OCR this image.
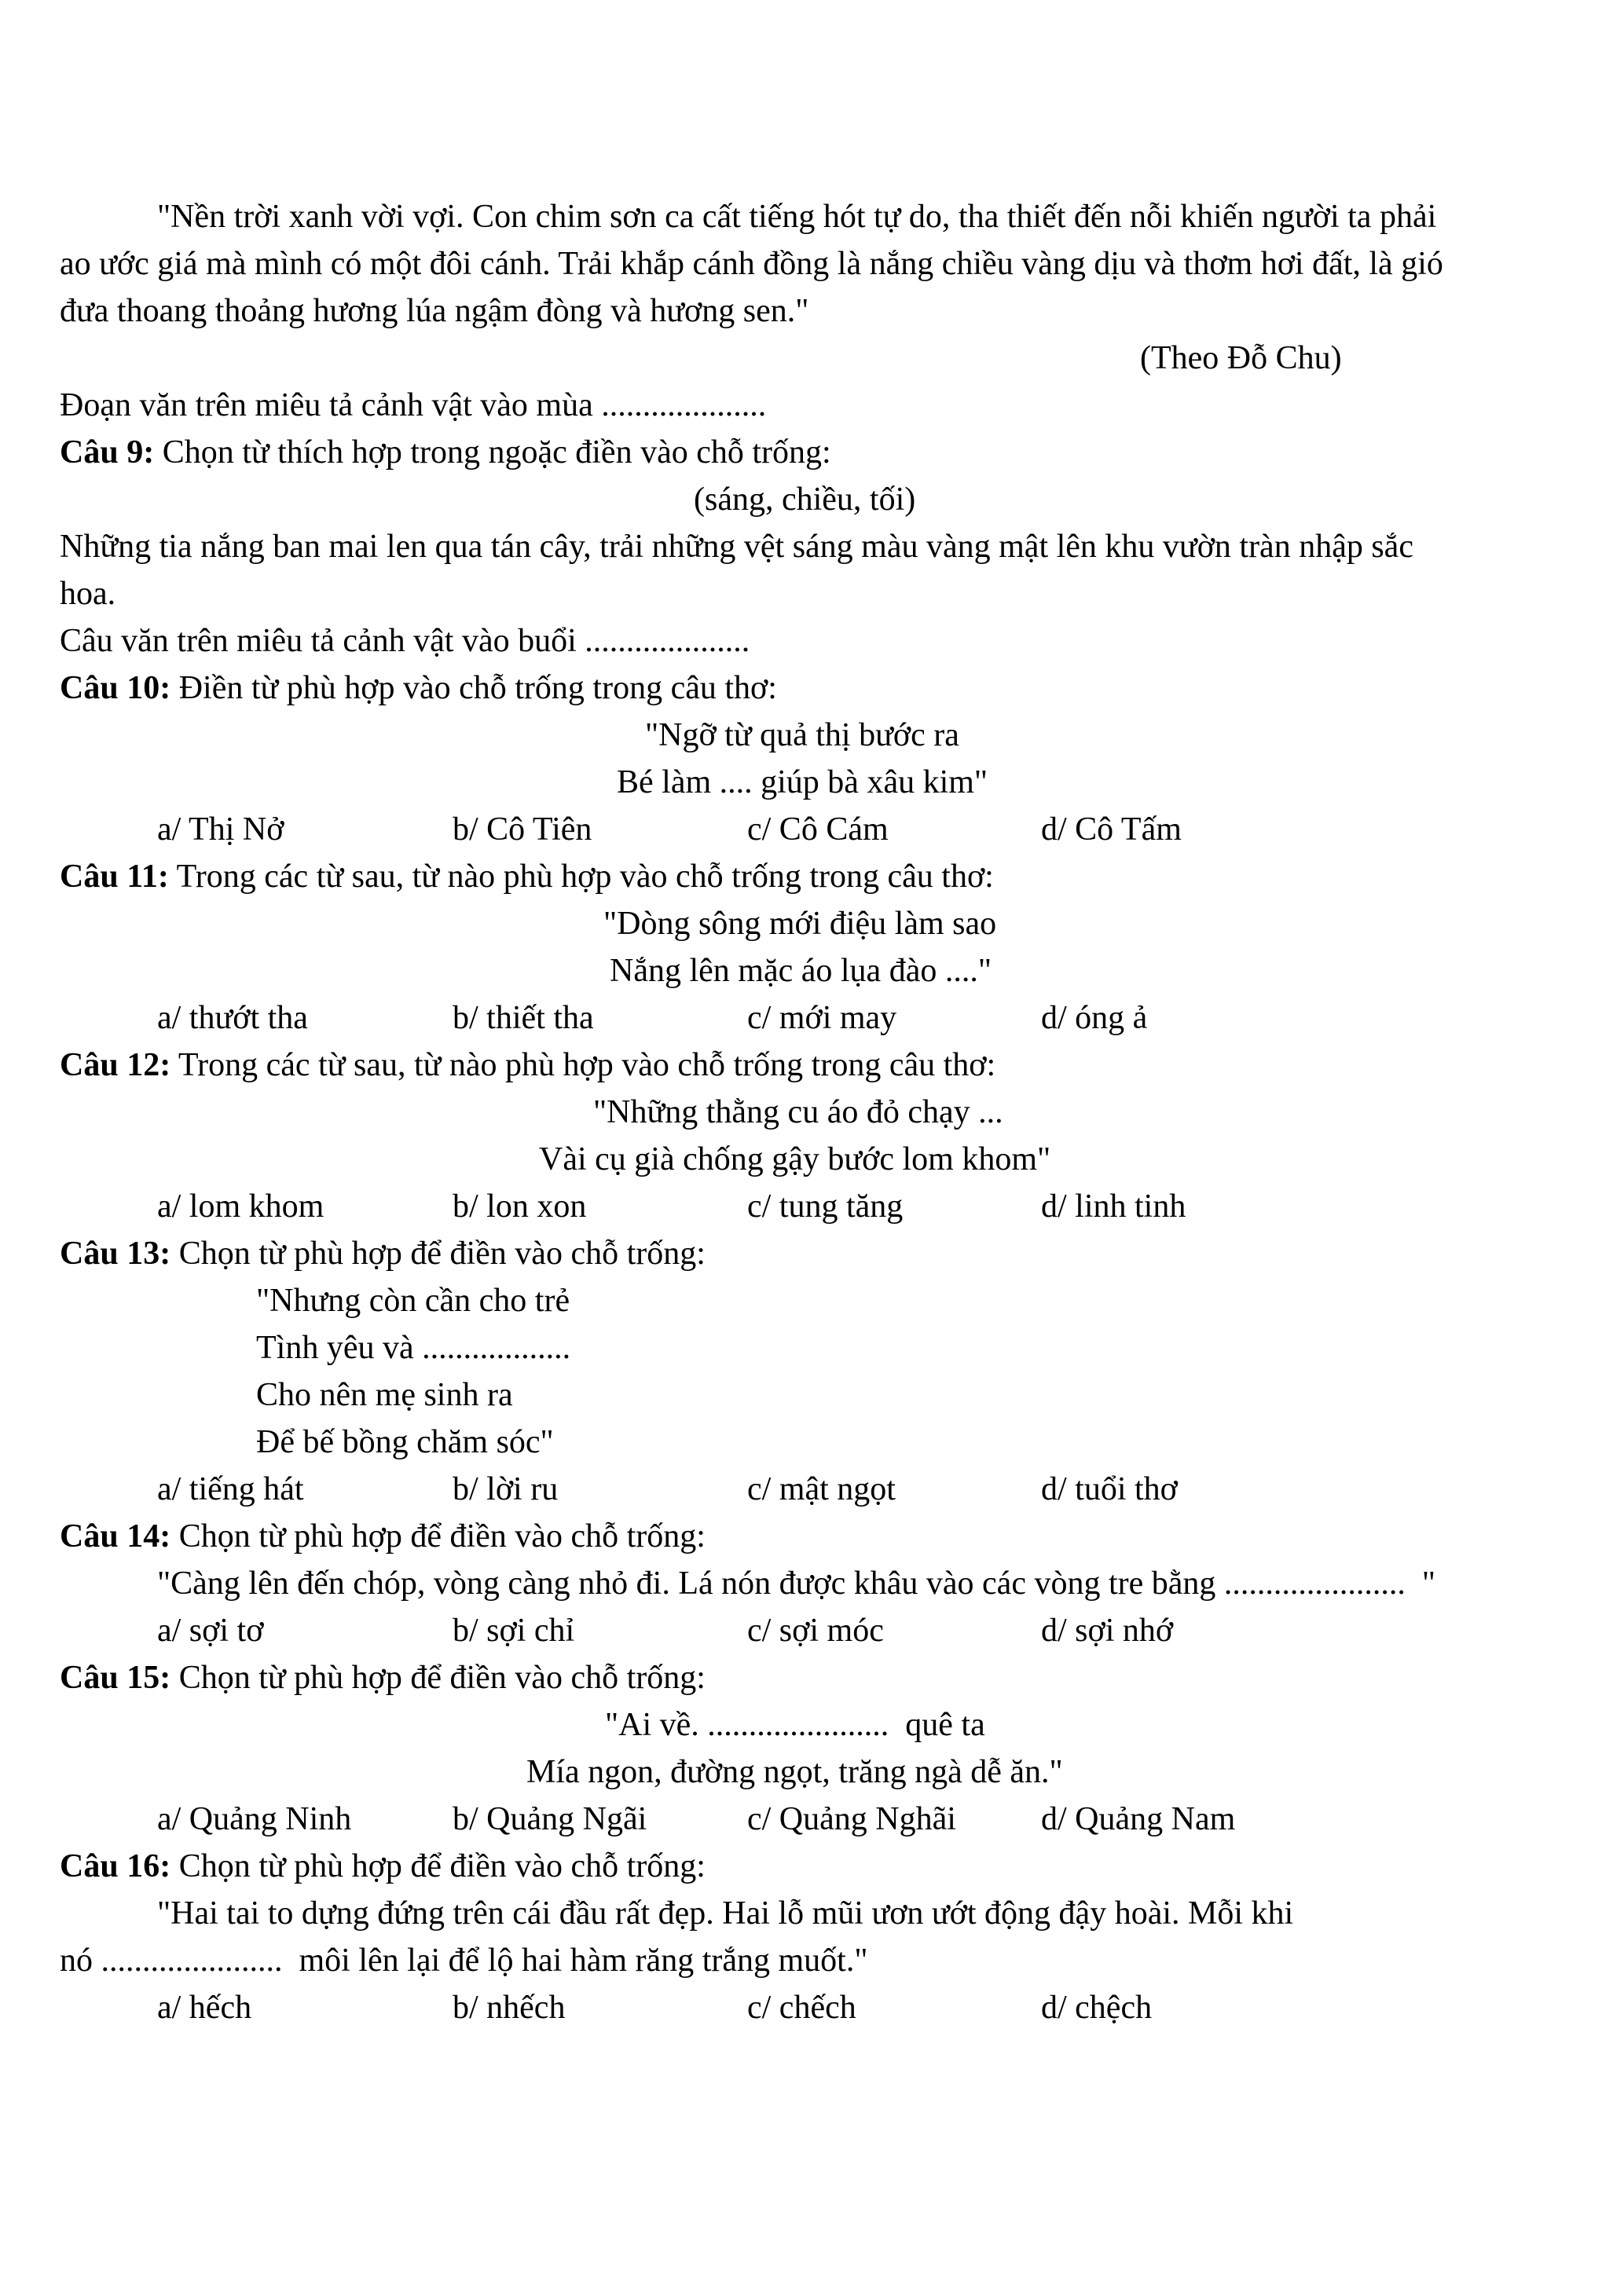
"Nền trời xanh vời vợi. Con chim sơn ca cất tiếng hót tự do, tha thiết đến nỗi khiến người ta phải
ao ước giá mà mình có một đôi cánh. Trải khắp cánh đồng là nắng chiều vàng dịu và thơm hơi đất, là gió
đưa thoang thoảng hương lúa ngậm đòng và hương sen."
(Theo Đỗ Chu)
Đoạn văn trên miêu tả cảnh vật vào mùa ....................
Câu 9: Chọn từ thích hợp trong ngoặc điền vào chỗ trống:
(sáng, chiều, tối)
Những tia nắng ban mai len qua tán cây, trải những vệt sáng màu vàng mật lên khu vườn tràn nhập sắc
hoa.
Câu văn trên miêu tả cảnh vật vào buổi ....................
Câu 10: Điền từ phù hợp vào chỗ trống trong câu thơ:
"Ngỡ từ quả thị bước ra
Bé làm .... giúp bà xâu kim"
a/ Thị Nở	b/ Cô Tiên	c/ Cô Cám	d/ Cô Tấm
Câu 11: Trong các từ sau, từ nào phù hợp vào chỗ trống trong câu thơ:
"Dòng sông mới điệu làm sao
Nắng lên mặc áo lụa đào ...."
a/ thướt tha	b/ thiết tha	c/ mới may	d/ óng ả
Câu 12: Trong các từ sau, từ nào phù hợp vào chỗ trống trong câu thơ:
"Những thằng cu áo đỏ chạy ...
Vài cụ già chống gậy bước lom khom"
a/ lom khom	b/ lon xon	c/ tung tăng	d/ linh tinh
Câu 13: Chọn từ phù hợp để điền vào chỗ trống:
"Nhưng còn cần cho trẻ
Tình yêu và ..................
Cho nên mẹ sinh ra
Để bế bồng chăm sóc"
a/ tiếng hát	b/ lời ru	c/ mật ngọt	d/ tuổi thơ
Câu 14: Chọn từ phù hợp để điền vào chỗ trống:
"Càng lên đến chóp, vòng càng nhỏ đi. Lá nón được khâu vào các vòng tre bằng ......................  "
a/ sợi tơ	b/ sợi chỉ	c/ sợi móc	d/ sợi nhớ
Câu 15: Chọn từ phù hợp để điền vào chỗ trống:
"Ai về. ......................  quê ta
Mía ngon, đường ngọt, trăng ngà dễ ăn."
a/ Quảng Ninh	b/ Quảng Ngãi	c/ Quảng Nghãi	d/ Quảng Nam
Câu 16: Chọn từ phù hợp để điền vào chỗ trống:
"Hai tai to dựng đứng trên cái đầu rất đẹp. Hai lỗ mũi ươn ướt động đậy hoài. Mỗi khi
nó ......................  môi lên lại để lộ hai hàm răng trắng muốt."
a/ hếch	b/ nhếch	c/ chếch	d/ chệch
